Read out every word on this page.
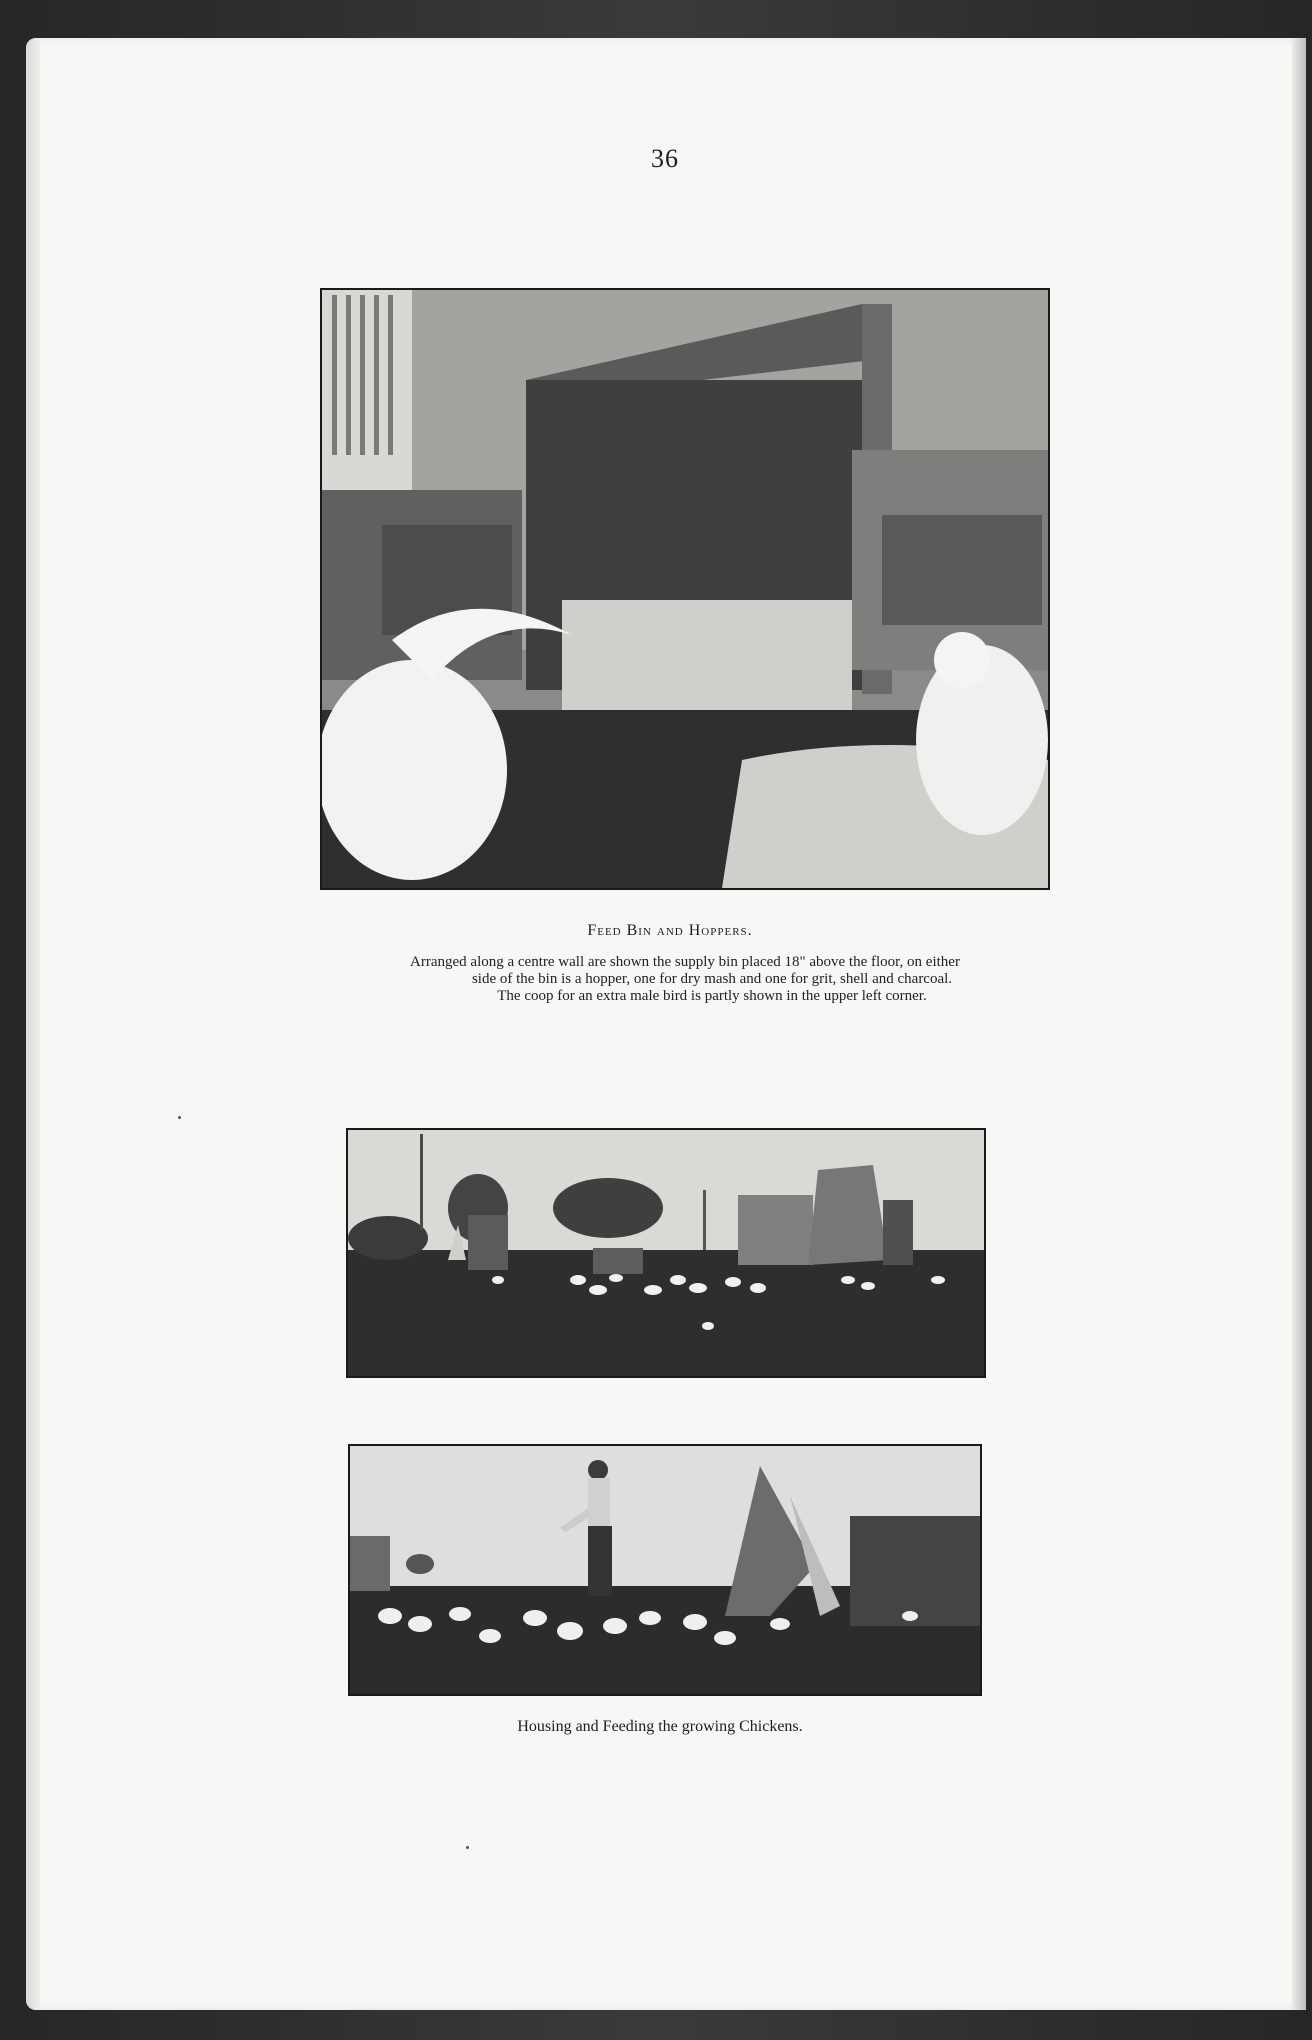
36
Feed Bin and Hoppers.
Arranged along a centre wall are shown the supply bin placed 18" above the floor, on either
side of the bin is a hopper, one for dry mash and one for grit, shell and charcoal.
The coop for an extra male bird is partly shown in the upper left corner.
Housing and Feeding the growing Chickens.
